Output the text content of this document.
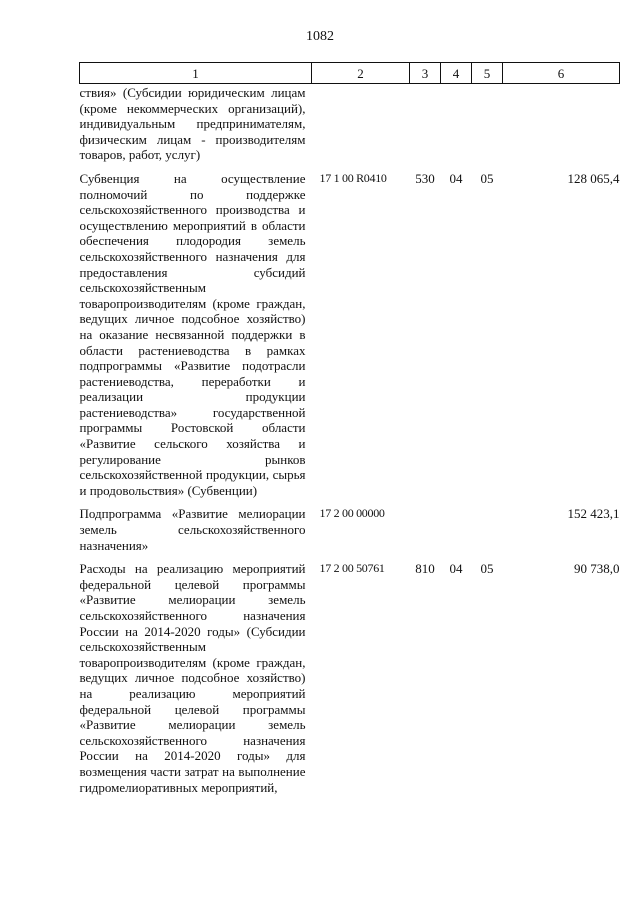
1082
1	2	3	4	5	6
ствия» (Субсидии юридическим лицам (кроме некоммерческих организаций), индивидуальным предпринимателям, физическим лицам - производителям товаров, работ, услуг)					
Субвенция на осуществление полномочий по поддержке сельскохозяйственного производства и осуществлению мероприятий в области обеспечения плодородия земель сельскохозяйственного назначения для предоставления субсидий сельскохозяйственным товаропроизводителям (кроме граждан, ведущих личное подсобное хозяйство) на оказание несвязанной поддержки в области растениеводства в рамках подпрограммы «Развитие подотрасли растениеводства, переработки и реализации продукции растениеводства» государственной программы Ростовской области «Развитие сельского хозяйства и регулирование рынков сельскохозяйственной продукции, сырья и продовольствия» (Субвенции)	17 1 00 R0410	530	04	05	128 065,4
Подпрограмма «Развитие мелиорации земель сельскохозяйственного назначения»	17 2 00 00000				152 423,1
Расходы на реализацию мероприятий федеральной целевой программы «Развитие мелиорации земель сельскохозяйственного назначения России на 2014-2020 годы» (Субсидии сельскохозяйственным товаропроизводителям (кроме граждан, ведущих личное подсобное хозяйство) на реализацию мероприятий федеральной целевой программы «Развитие мелиорации земель сельскохозяйственного назначения России на 2014-2020 годы» для возмещения части затрат на выполнение гидромелиоративных мероприятий,	17 2 00 50761	810	04	05	90 738,0
